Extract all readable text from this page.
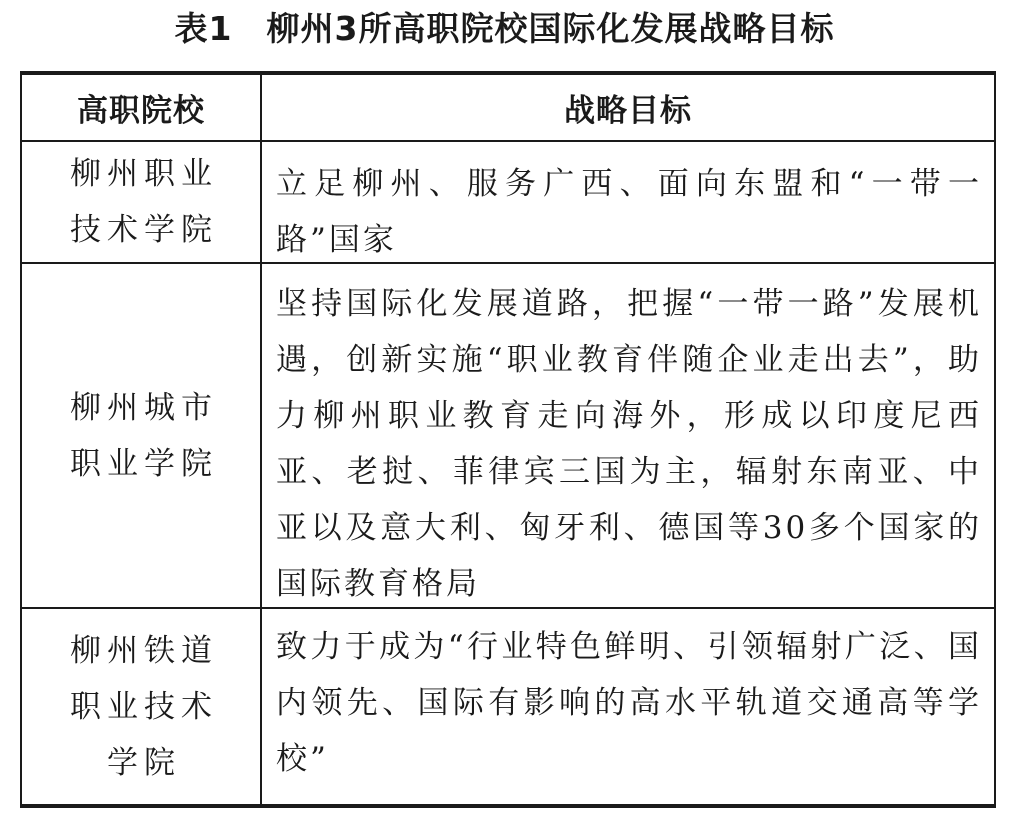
表1　柳州3所高职院校国际化发展战略目标
高职院校	战略目标
柳州职业技术学院
立足柳州、服务广西、面向东盟和“一带一路”国家
柳州城市职业学院
坚持国际化发展道路，把握“一带一路”发展机遇，创新实施“职业教育伴随企业走出去”，助力柳州职业教育走向海外，形成以印度尼西亚、老挝、菲律宾三国为主，辐射东南亚、中亚以及意大利、匈牙利、德国等30多个国家的国际教育格局
柳州铁道职业技术学院
致力于成为“行业特色鲜明、引领辐射广泛、国内领先、国际有影响的高水平轨道交通高等学校”
